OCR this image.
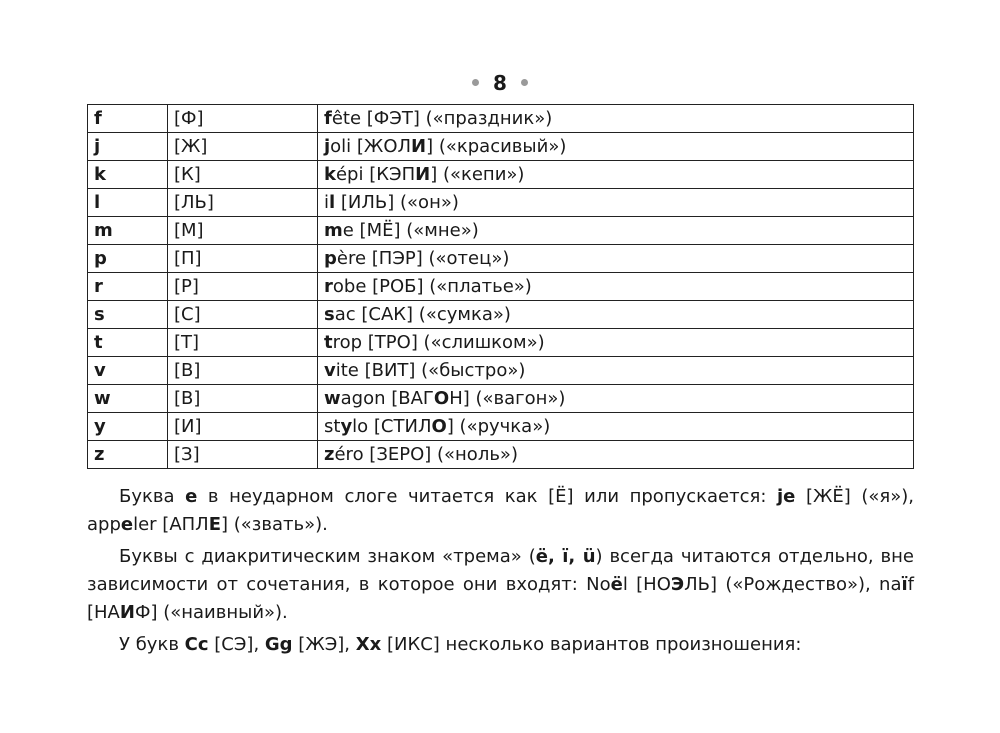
8
f	[Ф]	fête [ФЭТ] («праздник»)
j	[Ж]	joli [ЖОЛИ] («красивый»)
k	[К]	képi [КЭПИ] («кепи»)
l	[ЛЬ]	il [ИЛЬ] («он»)
m	[М]	me [МЁ] («мне»)
p	[П]	père [ПЭР] («отец»)
r	[Р]	robe [РОБ] («платье»)
s	[С]	sac [САК] («сумка»)
t	[Т]	trop [ТРО] («слишком»)
v	[В]	vite [ВИТ] («быстро»)
w	[В]	wagon [ВАГОН] («вагон»)
y	[И]	stylo [СТИЛО] («ручка»)
z	[З]	zéro [ЗЕРО] («ноль»)

Буква e в неударном слоге читается как [Ё] или пропускается: je [ЖЁ] («я»), appeler [АПЛЕ] («звать»).

Буквы с диакритическим знаком «трема» (ë, ï, ü) всегда читаются отдельно, вне зависимости от сочетания, в которое они входят: Noël [НОЭЛЬ] («Рождество»), naïf [НАИФ] («наивный»).

У букв Cc [СЭ], Gg [ЖЭ], Xx [ИКС] несколько вариантов произношения:
